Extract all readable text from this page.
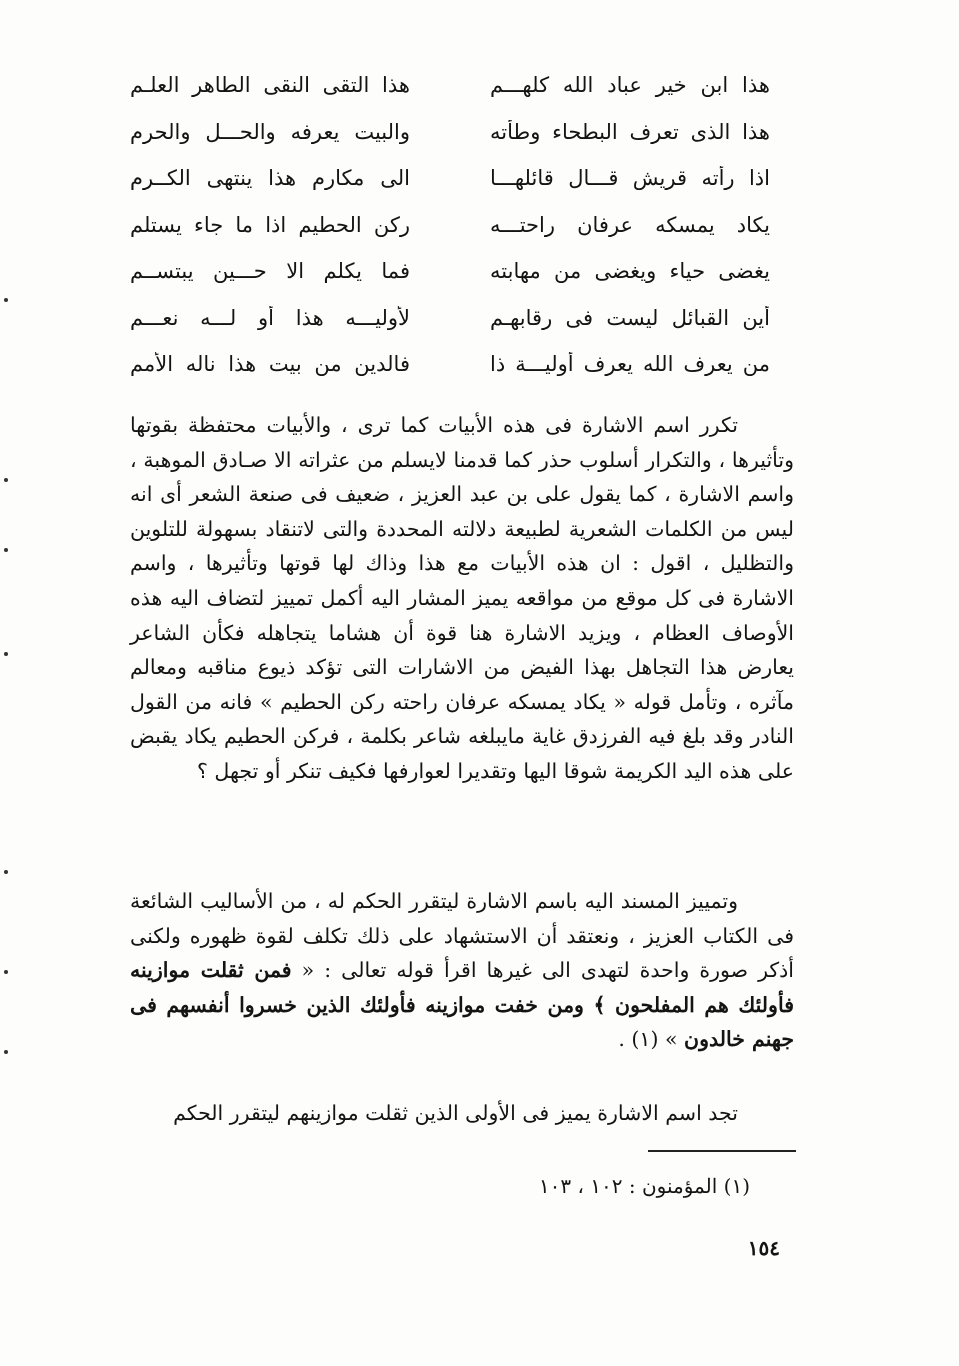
هذا ابن خير عباد الله كلهـــم
هذا التقى النقى الطاهر العلـم
هذا الذى تعرف البطحاء وطأته
والبيت يعرفه والحـــل والحرم
اذا رأته قريش قـــال قائلهـــا
الى مكارم هذا ينتهى الكــرم
يكاد يمسكه عرفان راحتـــه
ركن الحطيم اذا ما جاء يستلم
يغضى حياء ويغضى من مهابته
فما يكلم الا حـــين يبتســم
أين القبائل ليست فى رقابهـم
لأوليـــه هذا أو لـــه نعـــم
من يعرف الله يعرف أوليـــة ذا
فالدين من بيت هذا ناله الأمم

تكرر اسم الاشارة فى هذه الأبيات كما ترى ، والأبيات محتفظة بقوتها وتأثيرها ، والتكرار أسلوب حذر كما قدمنا لايسلم من عثراته الا صـادق الموهبة ، واسم الاشارة ، كما يقول على بن عبد العزيز ، ضعيف فى صنعة الشعر أى انه ليس من الكلمات الشعرية لطبيعة دلالته المحددة والتى لاتنقاد بسهولة للتلوين والتظليل ، اقول : ان هذه الأبيات مع هذا وذاك لها قوتها وتأثيرها ، واسم الاشارة فى كل موقع من مواقعه يميز المشار اليه أكمل تمييز لتضاف اليه هذه الأوصاف العظام ، ويزيد الاشارة هنا قوة أن هشاما يتجاهله فكأن الشاعر يعارض هذا التجاهل بهذا الفيض من الاشارات التى تؤكد ذيوع مناقبه ومعالم مآثره ، وتأمل قوله « يكاد يمسكه عرفان راحته ركن الحطيم » فانه من القول النادر وقد بلغ فيه الفرزدق غاية مايبلغه شاعر بكلمة ، فركن الحطيم يكاد يقبض على هذه اليد الكريمة شوقا اليها وتقديرا لعوارفها فكيف تنكر أو تجهل ؟

وتمييز المسند اليه باسم الاشارة ليتقرر الحكم له ، من الأساليب الشائعة فى الكتاب العزيز ، ونعتقد أن الاستشهاد على ذلك تكلف لقوة ظهوره ولكنى أذكر صورة واحدة لتهدى الى غيرها اقرأ قوله تعالى : « فمن ثقلت موازينه فأولئك هم المفلحون ﴾ ومن خفت موازينه فأولئك الذين خسروا أنفسهم فى جهنم خالدون » (١) .

تجد اسم الاشارة يميز فى الأولى الذين ثقلت موازينهم ليتقرر الحكم

(١) المؤمنون : ١٠٢ ، ١٠٣
١٥٤
